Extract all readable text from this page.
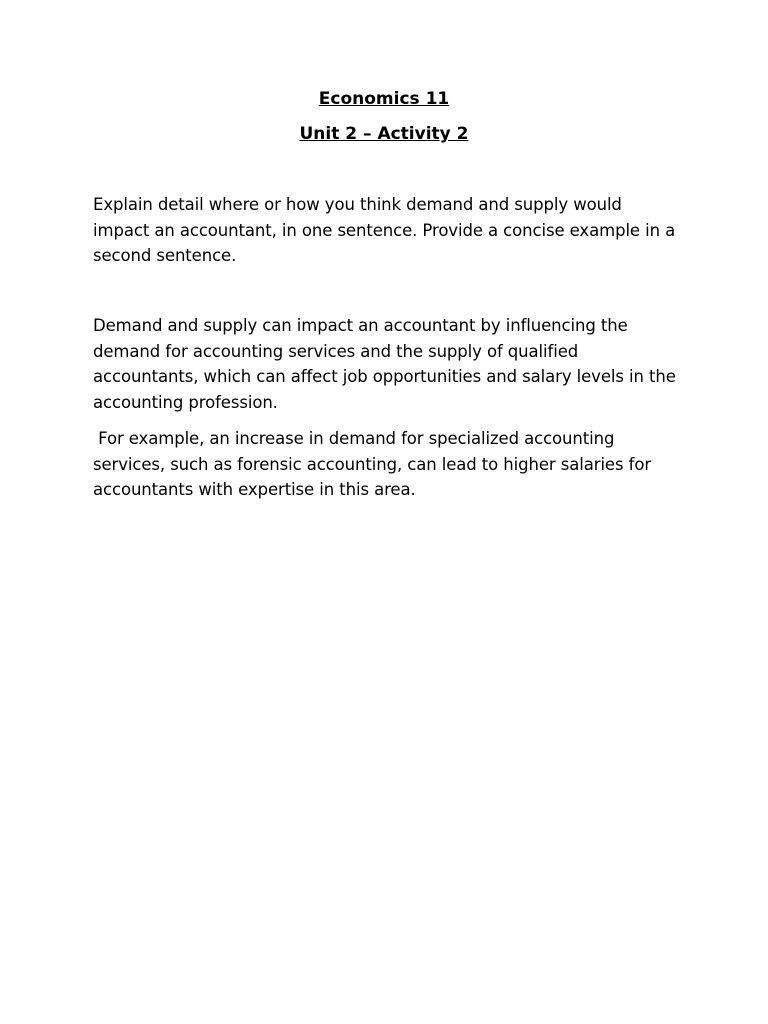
Economics 11
Unit 2 – Activity 2

Explain detail where or how you think demand and supply would impact an accountant, in one sentence. Provide a concise example in a second sentence.

Demand and supply can impact an accountant by influencing the demand for accounting services and the supply of qualified accountants, which can affect job opportunities and salary levels in the accounting profession.

For example, an increase in demand for specialized accounting services, such as forensic accounting, can lead to higher salaries for accountants with expertise in this area.
